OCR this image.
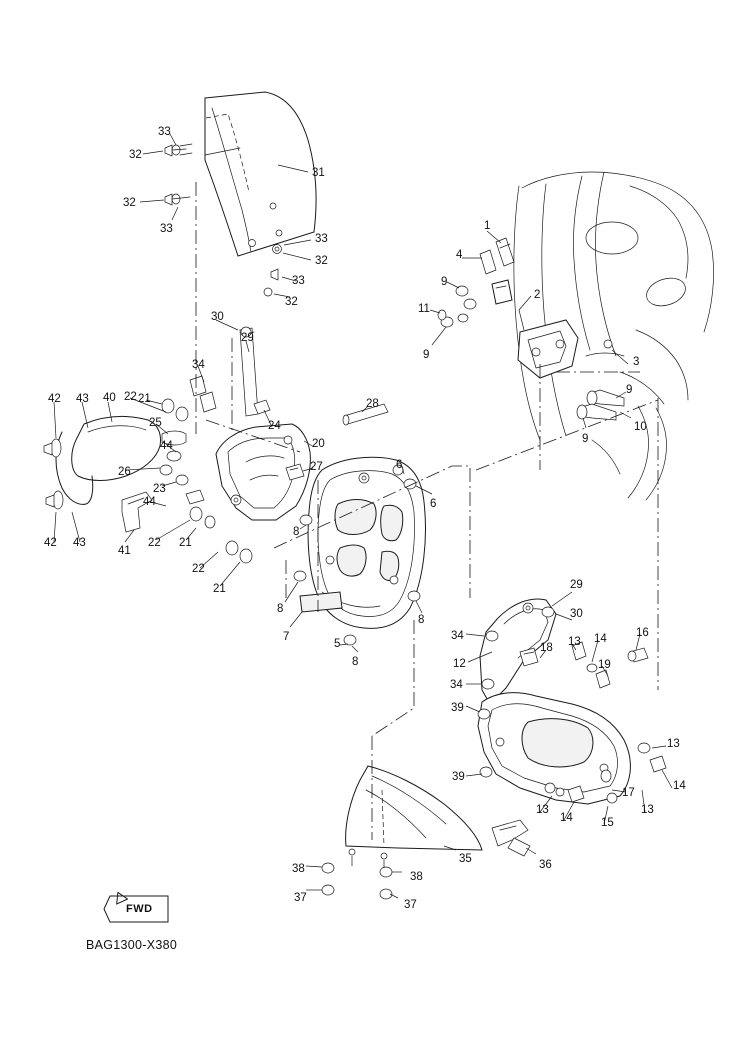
33
32
31
32
33
33
32
33
32
1
4
9
2
11
9
3
9
10
9
30
29
34
21
22
40
43
42
25	24
28
44	20
26
23
27	6
6
44
22 21
41
42 43
8
22
21
8
7
5
8
8
29
30
34
18 13 14	16
12	19
34
39
13
17
14
39
13
14 15
13
35	36
38
38
37
37
FWD
BAG1300-X380
